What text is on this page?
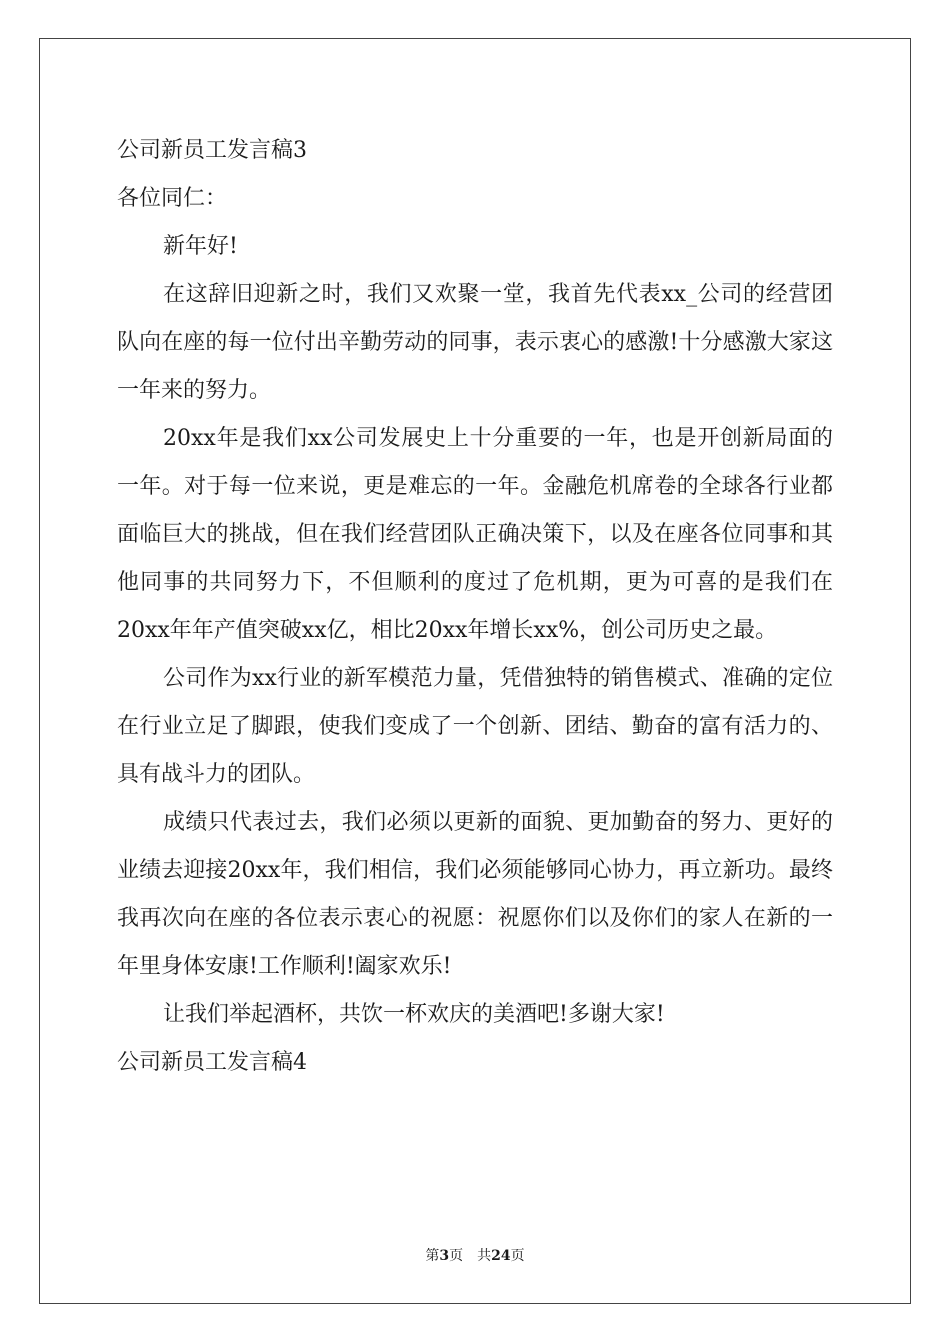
公司新员工发言稿3

各位同仁：

新年好!

在这辞旧迎新之时，我们又欢聚一堂，我首先代表xx_公司的经营团队向在座的每一位付出辛勤劳动的同事，表示衷心的感激!十分感激大家这一年来的努力。

20xx年是我们xx公司发展史上十分重要的一年，也是开创新局面的一年。对于每一位来说，更是难忘的一年。金融危机席卷的全球各行业都面临巨大的挑战，但在我们经营团队正确决策下，以及在座各位同事和其他同事的共同努力下，不但顺利的度过了危机期，更为可喜的是我们在20xx年年产值突破xx亿，相比20xx年增长xx%，创公司历史之最。

公司作为xx行业的新军模范力量，凭借独特的销售模式、准确的定位在行业立足了脚跟，使我们变成了一个创新、团结、勤奋的富有活力的、具有战斗力的团队。

成绩只代表过去，我们必须以更新的面貌、更加勤奋的努力、更好的业绩去迎接20xx年，我们相信，我们必须能够同心协力，再立新功。最终我再次向在座的各位表示衷心的祝愿：祝愿你们以及你们的家人在新的一年里身体安康!工作顺利!阖家欢乐!

让我们举起酒杯，共饮一杯欢庆的美酒吧!多谢大家!

公司新员工发言稿4

第3页 共24页
